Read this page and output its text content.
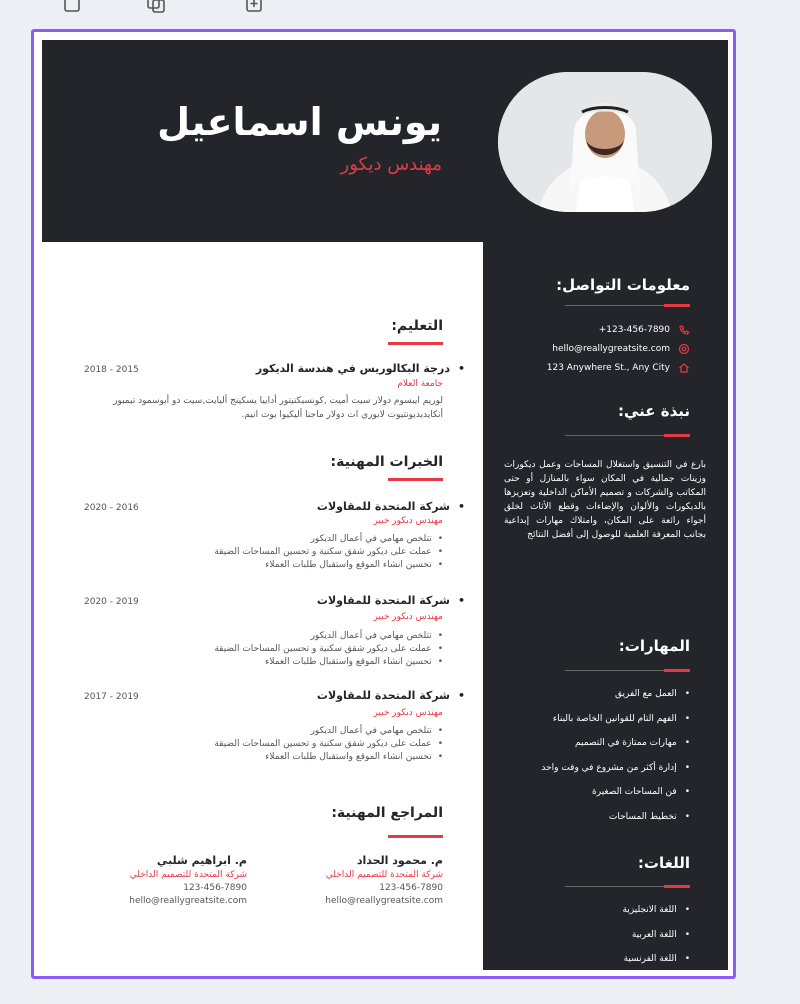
يونس اسماعيل
مهندس ديكور
معلومات التواصل:
+123-456-7890
hello@reallygreatsite.com
123 Anywhere St., Any City
نبذة عني:
بارع في التنسيق واستغلال المساحات وعمل ديكورات وزينات جمالية في المكان سواء بالمنازل أو حتى المكاتب والشركات و تصميم الأماكن الداخلية وتعزيزها بالديكورات والألوان والإضاءات وقطع الأثاث لخلق أجواء رائعة على المكان، وامتلاك مهارات إبداعية بجانب المعرفة العلمية للوصول إلى أفضل النتائج
المهارات:
• العمل مع الفريق
• الفهم التام للقوانين الخاصة بالبناء
• مهارات ممتازة في التصميم
• إدارة أكثر من مشروع في وقت واحد
• فن المساحات الصغيرة
• تخطيط المساحات
اللغات:
• اللغة الانجليزية
• اللغة العربية
• اللغة الفرنسية
التعليم:
• درجة البكالوريس في هندسة الديكور
2018 - 2015
جامعة العلام
لوريم ايبسوم دولار سيت أميت ,كونسيكتيتور أداييا يسكينج أليايت,سيت دو أيوسمود تيمبور أنكايديديونتيوت لابوري ات دولار ماجنا أليكيوا يوت انيم.
الخبرات المهنية:
• شركة المتحدة للمقاولات
2020 - 2016
مهندس ديكور خبير
• تتلخص مهامي في أعمال الديكور
• عملت على ديكور شقق سكنية و تحسين المساحات الضيقة
• تحسين انشاء الموقع واستقبال طلبات العملاء
• شركة المتحدة للمقاولات
2020 - 2019
مهندس ديكور خبير
• تتلخص مهامي في أعمال الديكور
• عملت على ديكور شقق سكنية و تحسين المساحات الضيقة
• تحسين انشاء الموقع واستقبال طلبات العملاء
• شركة المتحدة للمقاولات
2017 - 2019
مهندس ديكور خبير
• تتلخص مهامي في أعمال الديكور
• عملت على ديكور شقق سكنية و تحسين المساحات الضيقة
• تحسين انشاء الموقع واستقبال طلبات العملاء
المراجع المهنية:
م. محمود الحداد
شركة المتحدة للتصميم الداخلي
123-456-7890
hello@reallygreatsite.com
م. ابراهيم شلبي
شركة المتحدة للتصميم الداخلي
123-456-7890
hello@reallygreatsite.com
